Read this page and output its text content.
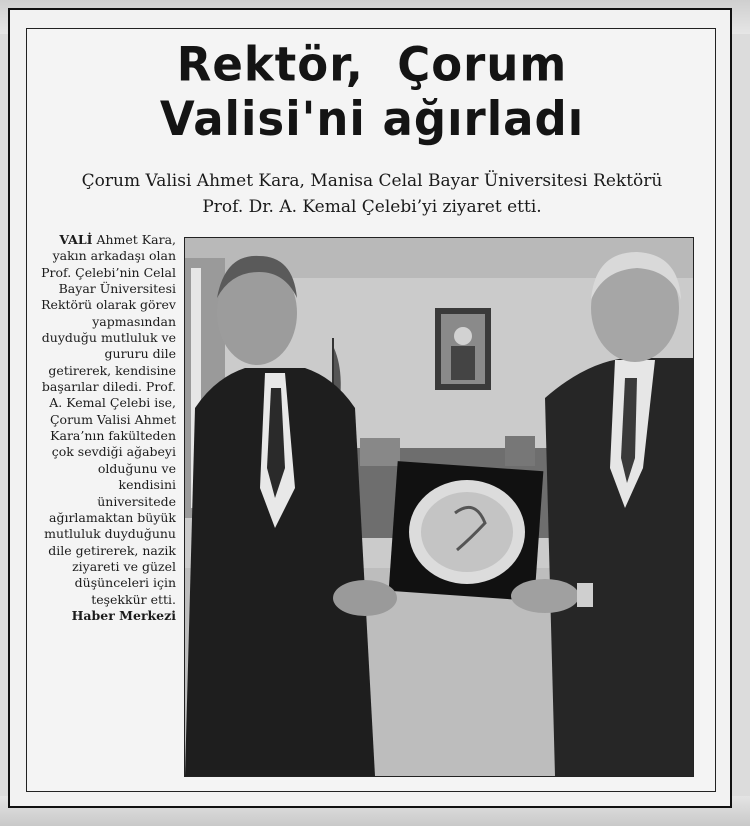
Rektör,  Çorum
Valisi'ni ağırladı
Çorum Valisi Ahmet Kara, Manisa Celal Bayar Üniversitesi Rektörü
Prof. Dr. A. Kemal Çelebi’yi ziyaret etti.
VALİ Ahmet Kara, yakın arkadaşı olan Prof. Çelebi’nin Celal Bayar Üniversitesi Rektörü olarak görev yapmasından duyduğu mutluluk ve gururu dile getirerek, kendisine başarılar diledi. Prof. A. Kemal Çelebi ise, Çorum Valisi Ahmet Kara’nın fakülteden çok sevdiği ağabeyi olduğunu ve kendisini üniversitede ağırlamaktan büyük mutluluk duyduğunu dile getirerek, nazik ziyareti ve güzel düşünceleri için teşekkür etti.
Haber Merkezi
